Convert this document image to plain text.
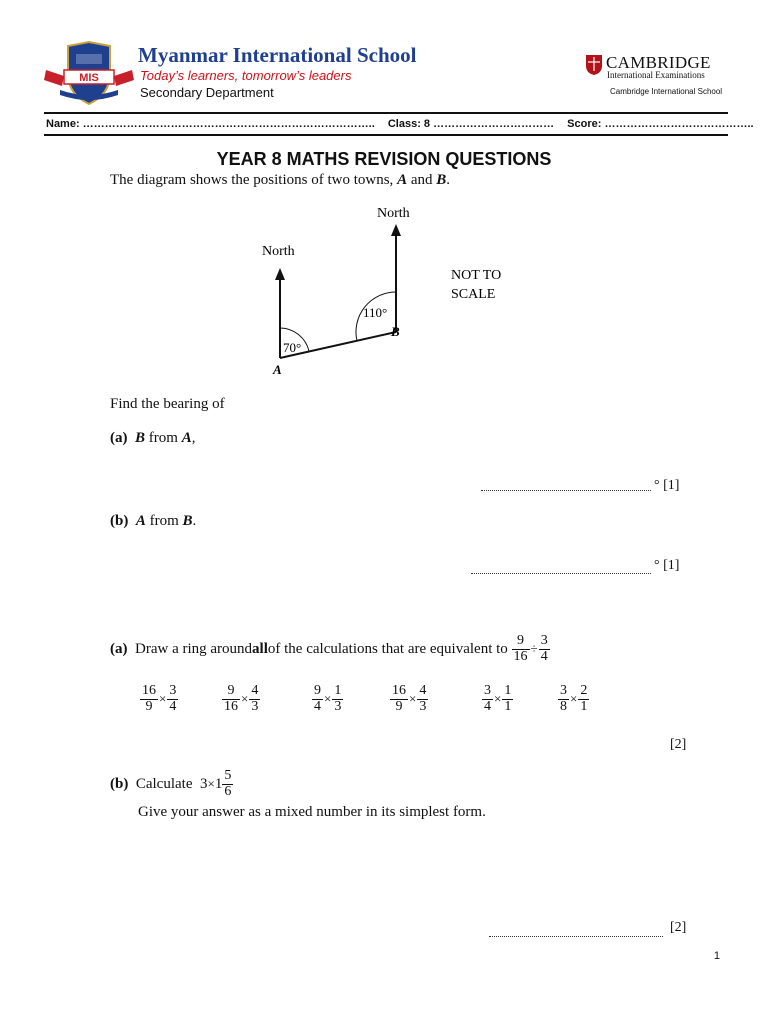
MIS
Myanmar International School
Today’s learners, tomorrow’s leaders
Secondary Department
CAMBRIDGE
International Examinations
Cambridge International School
Name: …………………………………………………………………….. Class: 8 …………………………… Score: …………………………………..
YEAR 8 MATHS REVISION QUESTIONS
The diagram shows the positions of two towns, A and B.
North
North
70°
110°
A
B
NOT TO
SCALE
Find the bearing of
(a) B from A,
° [1]
(b) A from B.
° [1]
(a)
Draw a ring around all of the calculations that are equivalent to
$\frac{9}{16} \div \frac{3}{4}$
$\frac{16}{9} \times \frac{3}{4}$	$\frac{9}{16} \times \frac{4}{3}$	$\frac{9}{4} \times \frac{1}{3}$	$\frac{16}{9} \times \frac{4}{3}$	$\frac{3}{4} \times \frac{1}{1}$	$\frac{3}{8} \times \frac{2}{1}$
[2]
(b)
Calculate
$3 \times 1 \frac{5}{6}$
Give your answer as a mixed number in its simplest form.
[2]
1
